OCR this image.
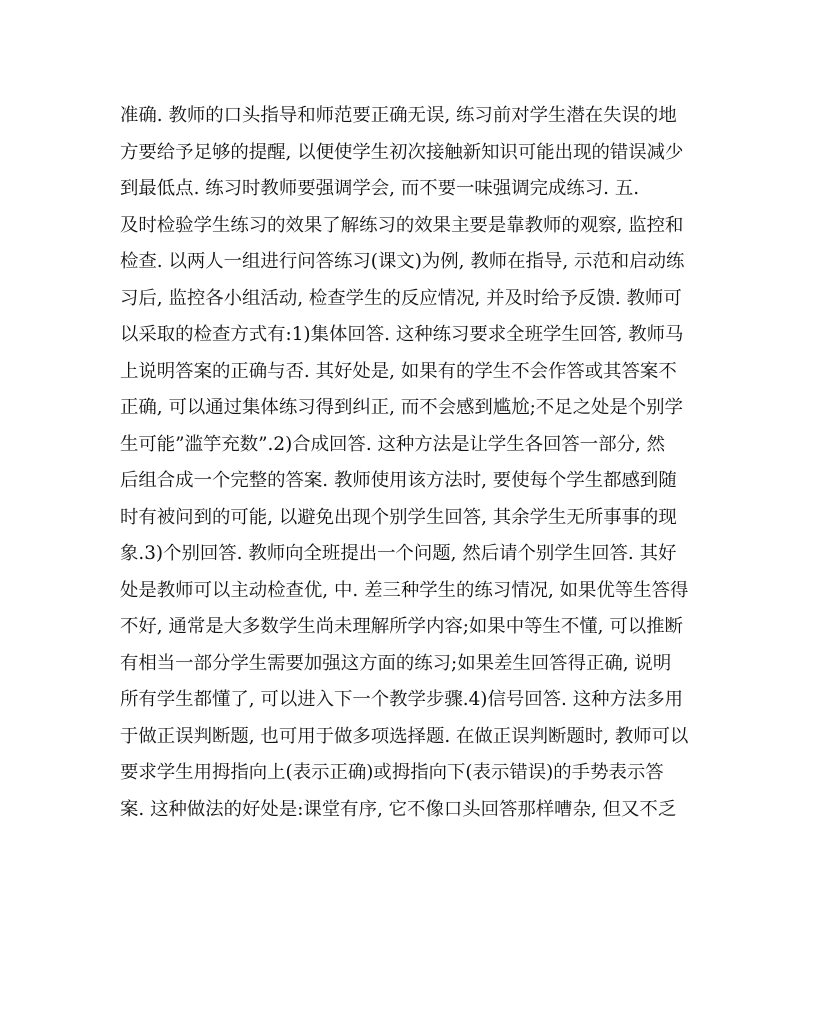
准确. 教师的口头指导和师范要正确无误, 练习前对学生潜在失误的地
方要给予足够的提醒, 以便使学生初次接触新知识可能出现的错误减少
到最低点. 练习时教师要强调学会, 而不要一味强调完成练习. 五.
及时检验学生练习的效果了解练习的效果主要是靠教师的观察, 监控和
检查. 以两人一组进行问答练习(课文)为例, 教师在指导, 示范和启动练
习后, 监控各小组活动, 检查学生的反应情况, 并及时给予反馈. 教师可
以采取的检查方式有:1)集体回答. 这种练习要求全班学生回答, 教师马
上说明答案的正确与否. 其好处是, 如果有的学生不会作答或其答案不
正确, 可以通过集体练习得到纠正, 而不会感到尴尬;不足之处是个别学
生可能”滥竽充数”.2)合成回答. 这种方法是让学生各回答一部分, 然
后组合成一个完整的答案. 教师使用该方法时, 要使每个学生都感到随
时有被问到的可能, 以避免出现个别学生回答, 其余学生无所事事的现
象.3)个别回答. 教师向全班提出一个问题, 然后请个别学生回答. 其好
处是教师可以主动检查优, 中. 差三种学生的练习情况, 如果优等生答得
不好, 通常是大多数学生尚未理解所学内容;如果中等生不懂, 可以推断
有相当一部分学生需要加强这方面的练习;如果差生回答得正确, 说明
所有学生都懂了, 可以进入下一个教学步骤.4)信号回答. 这种方法多用
于做正误判断题, 也可用于做多项选择题. 在做正误判断题时, 教师可以
要求学生用拇指向上(表示正确)或拇指向下(表示错误)的手势表示答
案. 这种做法的好处是:课堂有序, 它不像口头回答那样嘈杂, 但又不乏
